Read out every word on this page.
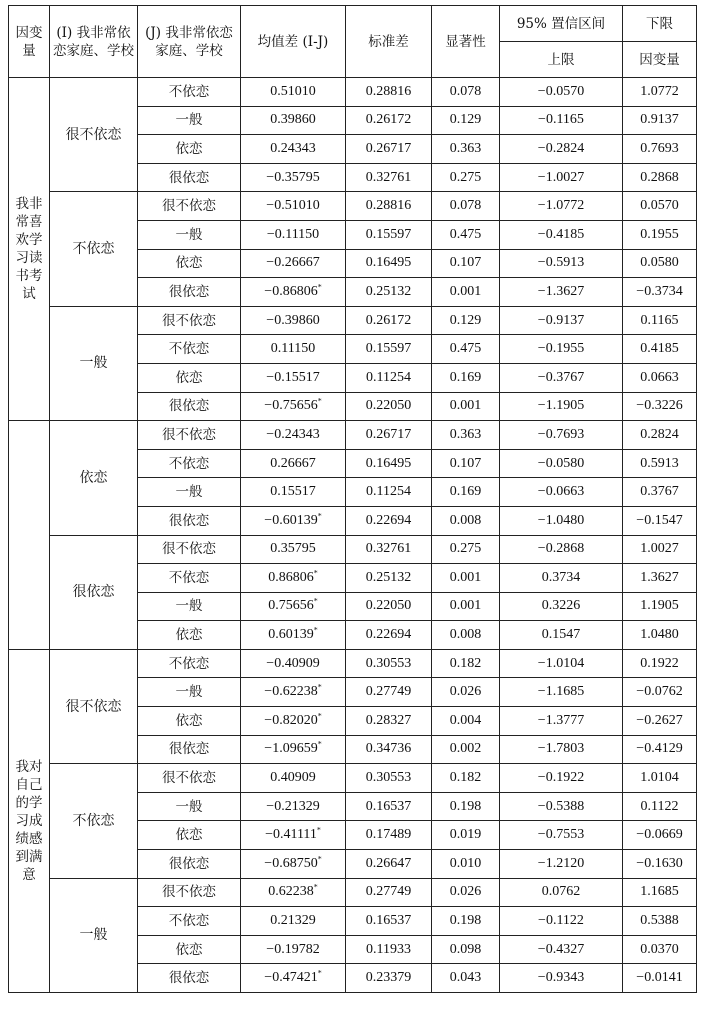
因变量	(I) 我非常依恋家庭、学校	(J) 我非常依恋家庭、学校	均值差 (I-J)	标准差	显著性	95% 置信区间	下限
						上限	因变量
我非常喜欢学习读书考试	很不依恋	不依恋	0.51010	0.28816	0.078	−0.0570	1.0772
		一般	0.39860	0.26172	0.129	−0.1165	0.9137
		依恋	0.24343	0.26717	0.363	−0.2824	0.7693
		很依恋	−0.35795	0.32761	0.275	−1.0027	0.2868
	不依恋	很不依恋	−0.51010	0.28816	0.078	−1.0772	0.0570
		一般	−0.11150	0.15597	0.475	−0.4185	0.1955
		依恋	−0.26667	0.16495	0.107	−0.5913	0.0580
		很依恋	−0.86806*	0.25132	0.001	−1.3627	−0.3734
	一般	很不依恋	−0.39860	0.26172	0.129	−0.9137	0.1165
		不依恋	0.11150	0.15597	0.475	−0.1955	0.4185
		依恋	−0.15517	0.11254	0.169	−0.3767	0.0663
		很依恋	−0.75656*	0.22050	0.001	−1.1905	−0.3226
	依恋	很不依恋	−0.24343	0.26717	0.363	−0.7693	0.2824
		不依恋	0.26667	0.16495	0.107	−0.0580	0.5913
		一般	0.15517	0.11254	0.169	−0.0663	0.3767
		很依恋	−0.60139*	0.22694	0.008	−1.0480	−0.1547
	很依恋	很不依恋	0.35795	0.32761	0.275	−0.2868	1.0027
		不依恋	0.86806*	0.25132	0.001	0.3734	1.3627
		一般	0.75656*	0.22050	0.001	0.3226	1.1905
		依恋	0.60139*	0.22694	0.008	0.1547	1.0480
我对自己的学习成绩感到满意	很不依恋	不依恋	−0.40909	0.30553	0.182	−1.0104	0.1922
		一般	−0.62238*	0.27749	0.026	−1.1685	−0.0762
		依恋	−0.82020*	0.28327	0.004	−1.3777	−0.2627
		很依恋	−1.09659*	0.34736	0.002	−1.7803	−0.4129
	不依恋	很不依恋	0.40909	0.30553	0.182	−0.1922	1.0104
		一般	−0.21329	0.16537	0.198	−0.5388	0.1122
		依恋	−0.41111*	0.17489	0.019	−0.7553	−0.0669
		很依恋	−0.68750*	0.26647	0.010	−1.2120	−0.1630
	一般	很不依恋	0.62238*	0.27749	0.026	0.0762	1.1685
		不依恋	0.21329	0.16537	0.198	−0.1122	0.5388
		依恋	−0.19782	0.11933	0.098	−0.4327	0.0370
		很依恋	−0.47421*	0.23379	0.043	−0.9343	−0.0141
